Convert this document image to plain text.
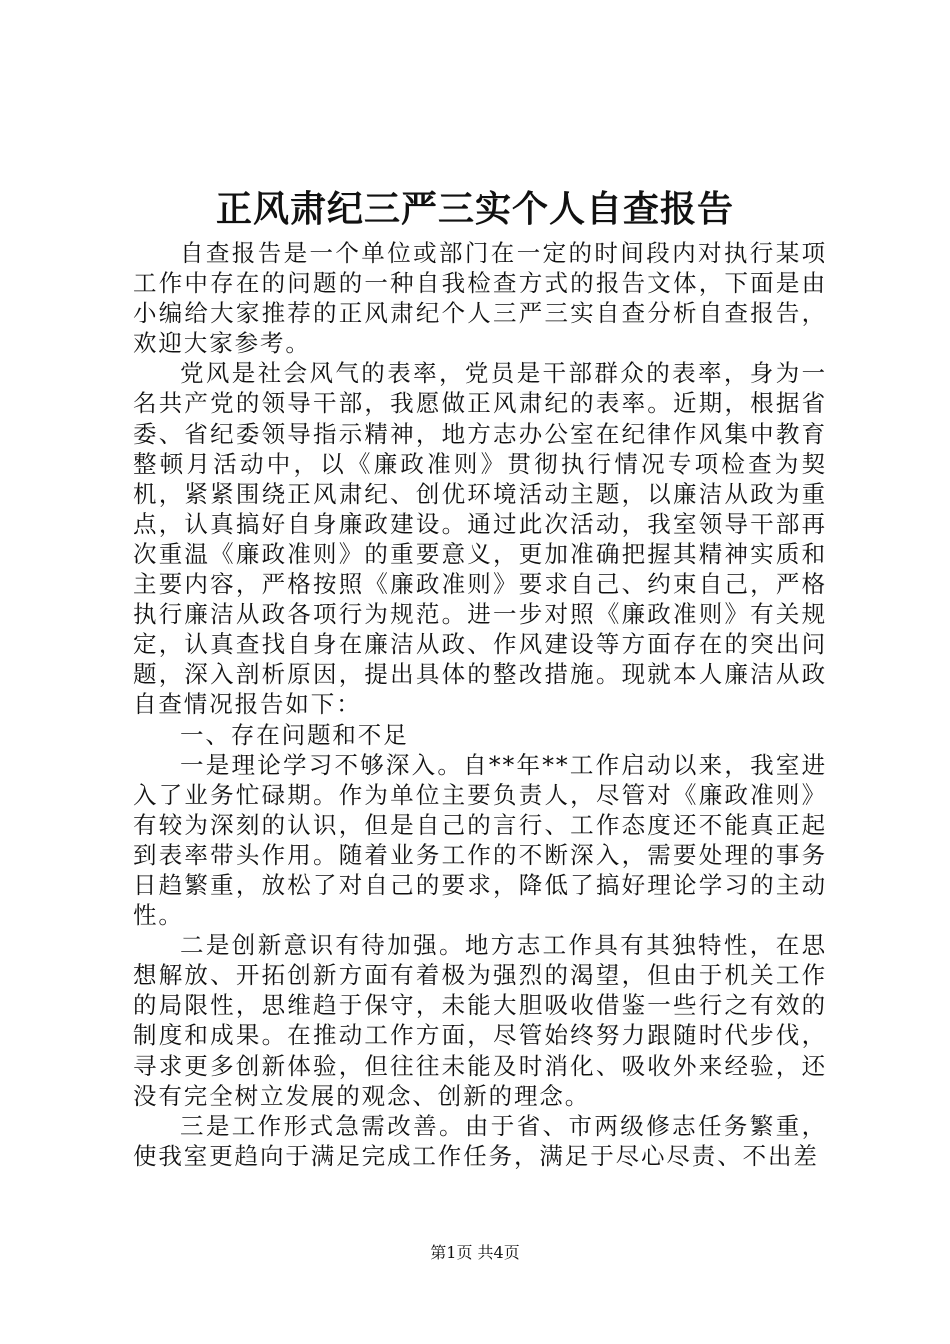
正风肃纪三严三实个人自查报告

自查报告是一个单位或部门在一定的时间段内对执行某项工作中存在的问题的一种自我检查方式的报告文体，下面是由小编给大家推荐的正风肃纪个人三严三实自查分析自查报告，欢迎大家参考。

党风是社会风气的表率，党员是干部群众的表率，身为一名共产党的领导干部，我愿做正风肃纪的表率。近期，根据省委、省纪委领导指示精神，地方志办公室在纪律作风集中教育整顿月活动中，以《廉政准则》贯彻执行情况专项检查为契机，紧紧围绕正风肃纪、创优环境活动主题，以廉洁从政为重点，认真搞好自身廉政建设。通过此次活动，我室领导干部再次重温《廉政准则》的重要意义，更加准确把握其精神实质和主要内容，严格按照《廉政准则》要求自己、约束自己，严格执行廉洁从政各项行为规范。进一步对照《廉政准则》有关规定，认真查找自身在廉洁从政、作风建设等方面存在的突出问题，深入剖析原因，提出具体的整改措施。现就本人廉洁从政自查情况报告如下：

一、存在问题和不足

一是理论学习不够深入。自**年**工作启动以来，我室进入了业务忙碌期。作为单位主要负责人，尽管对《廉政准则》有较为深刻的认识，但是自己的言行、工作态度还不能真正起到表率带头作用。随着业务工作的不断深入，需要处理的事务日趋繁重，放松了对自己的要求，降低了搞好理论学习的主动性。

二是创新意识有待加强。地方志工作具有其独特性，在思想解放、开拓创新方面有着极为强烈的渴望，但由于机关工作的局限性，思维趋于保守，未能大胆吸收借鉴一些行之有效的制度和成果。在推动工作方面，尽管始终努力跟随时代步伐，寻求更多创新体验，但往往未能及时消化、吸收外来经验，还没有完全树立发展的观念、创新的理念。

三是工作形式急需改善。由于省、市两级修志任务繁重，使我室更趋向于满足完成工作任务，满足于尽心尽责、不出差

第1页 共4页
